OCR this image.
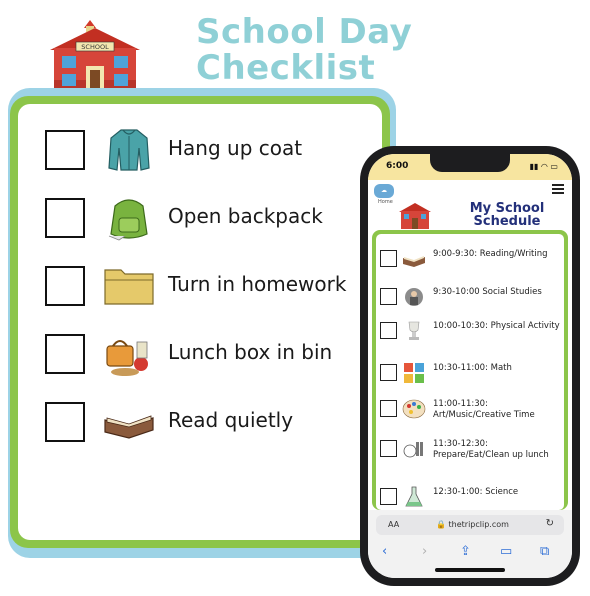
School Day
Checklist
SCHOOL
Hang up coat
Open backpack
Turn in homework
Lunch box in bin
Read quietly
6:00	▮▮ ◠ ▭
☁
Home	My School
Schedule
9:00-9:30: Reading/Writing
9:30-10:00 Social Studies
10:00-10:30: Physical Activity
10:30-11:00: Math
11:00-11:30: Art/Music/Creative Time
11:30-12:30: Prepare/Eat/Clean up lunch
12:30-1:00: Science
AA	🔒 thetripclip.com	↻
‹	›	⇪ ▭ ⧉
